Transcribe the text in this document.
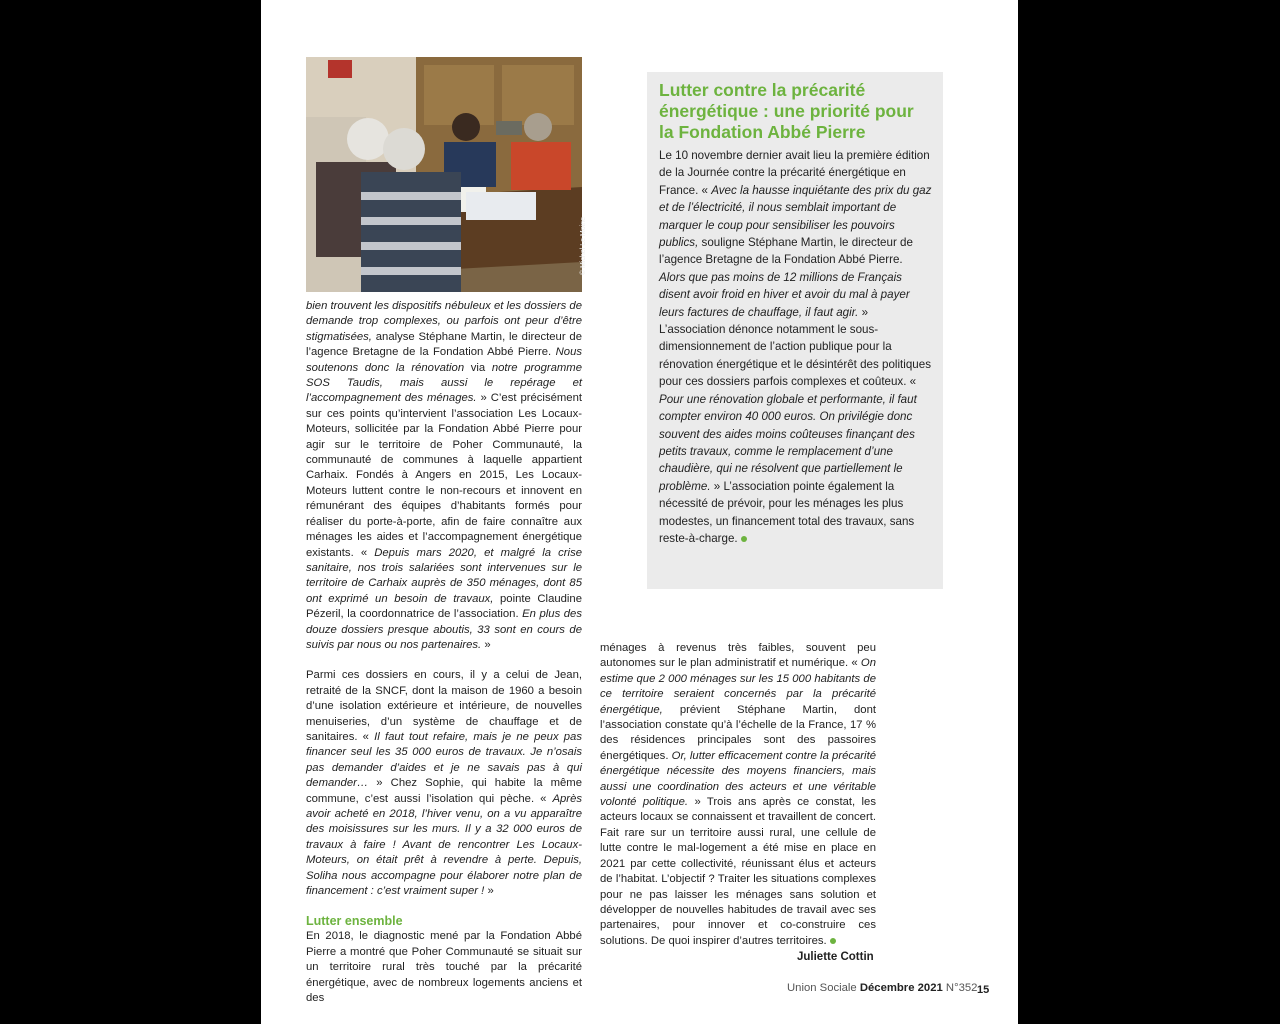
© Michel Le Moine

bien trouvent les dispositifs nébuleux et les dossiers de demande trop complexes, ou parfois ont peur d’être stigmatisées, analyse Stéphane Martin, le directeur de l’agence Bretagne de la Fondation Abbé Pierre. Nous soutenons donc la rénovation via notre programme SOS Taudis, mais aussi le repérage et l’accompagnement des ménages. » C’est précisément sur ces points qu’intervient l’association Les Locaux-Moteurs, sollicitée par la Fondation Abbé Pierre pour agir sur le territoire de Poher Communauté, la communauté de communes à laquelle appartient Carhaix. Fondés à Angers en 2015, Les Locaux-Moteurs luttent contre le non-recours et innovent en rémunérant des équipes d’habitants formés pour réaliser du porte-à-porte, afin de faire connaître aux ménages les aides et l’accompagnement énergétique existants. « Depuis mars 2020, et malgré la crise sanitaire, nos trois salariées sont intervenues sur le territoire de Carhaix auprès de 350 ménages, dont 85 ont exprimé un besoin de travaux, pointe Claudine Pézeril, la coordonnatrice de l’association. En plus des douze dossiers presque aboutis, 33 sont en cours de suivis par nous ou nos partenaires. »

Parmi ces dossiers en cours, il y a celui de Jean, retraité de la SNCF, dont la maison de 1960 a besoin d’une isolation extérieure et intérieure, de nouvelles menuiseries, d’un système de chauffage et de sanitaires. « Il faut tout refaire, mais je ne peux pas financer seul les 35 000 euros de travaux. Je n’osais pas demander d’aides et je ne savais pas à qui demander… » Chez Sophie, qui habite la même commune, c’est aussi l’isolation qui pèche. « Après avoir acheté en 2018, l’hiver venu, on a vu apparaître des moisissures sur les murs. Il y a 32 000 euros de travaux à faire ! Avant de rencontrer Les Locaux-Moteurs, on était prêt à revendre à perte. Depuis, Soliha nous accompagne pour élaborer notre plan de financement : c’est vraiment super ! »

Lutter ensemble

En 2018, le diagnostic mené par la Fondation Abbé Pierre a montré que Poher Communauté se situait sur un territoire rural très touché par la précarité énergétique, avec de nombreux logements anciens et des

ménages à revenus très faibles, souvent peu autonomes sur le plan administratif et numérique. « On estime que 2 000 ménages sur les 15 000 habitants de ce territoire seraient concernés par la précarité énergétique, prévient Stéphane Martin, dont l’association constate qu’à l’échelle de la France, 17 % des résidences principales sont des passoires énergétiques. Or, lutter efficacement contre la précarité énergétique nécessite des moyens financiers, mais aussi une coordination des acteurs et une véritable volonté politique. » Trois ans après ce constat, les acteurs locaux se connaissent et travaillent de concert. Fait rare sur un territoire aussi rural, une cellule de lutte contre le mal-logement a été mise en place en 2021 par cette collectivité, réunissant élus et acteurs de l’habitat. L’objectif ? Traiter les situations complexes pour ne pas laisser les ménages sans solution et développer de nouvelles habitudes de travail avec ses partenaires, pour innover et co-construire ces solutions. De quoi inspirer d’autres territoires.

Juliette Cottin
Lutter contre la précarité énergétique : une priorité pour la Fondation Abbé Pierre

Le 10 novembre dernier avait lieu la première édition de la Journée contre la précarité énergétique en France. « Avec la hausse inquiétante des prix du gaz et de l’électricité, il nous semblait important de marquer le coup pour sensibiliser les pouvoirs publics, souligne Stéphane Martin, le directeur de l’agence Bretagne de la Fondation Abbé Pierre. Alors que pas moins de 12 millions de Français disent avoir froid en hiver et avoir du mal à payer leurs factures de chauffage, il faut agir. » L’association dénonce notamment le sous-dimensionnement de l’action publique pour la rénovation énergétique et le désintérêt des politiques pour ces dossiers parfois complexes et coûteux. « Pour une rénovation globale et performante, il faut compter environ 40 000 euros. On privilégie donc souvent des aides moins coûteuses finançant des petits travaux, comme le remplacement d’une chaudière, qui ne résolvent que partiellement le problème. » L’association pointe également la nécessité de prévoir, pour les ménages les plus modestes, un financement total des travaux, sans reste-à-charge.

Union Sociale Décembre 2021 N°352 15
